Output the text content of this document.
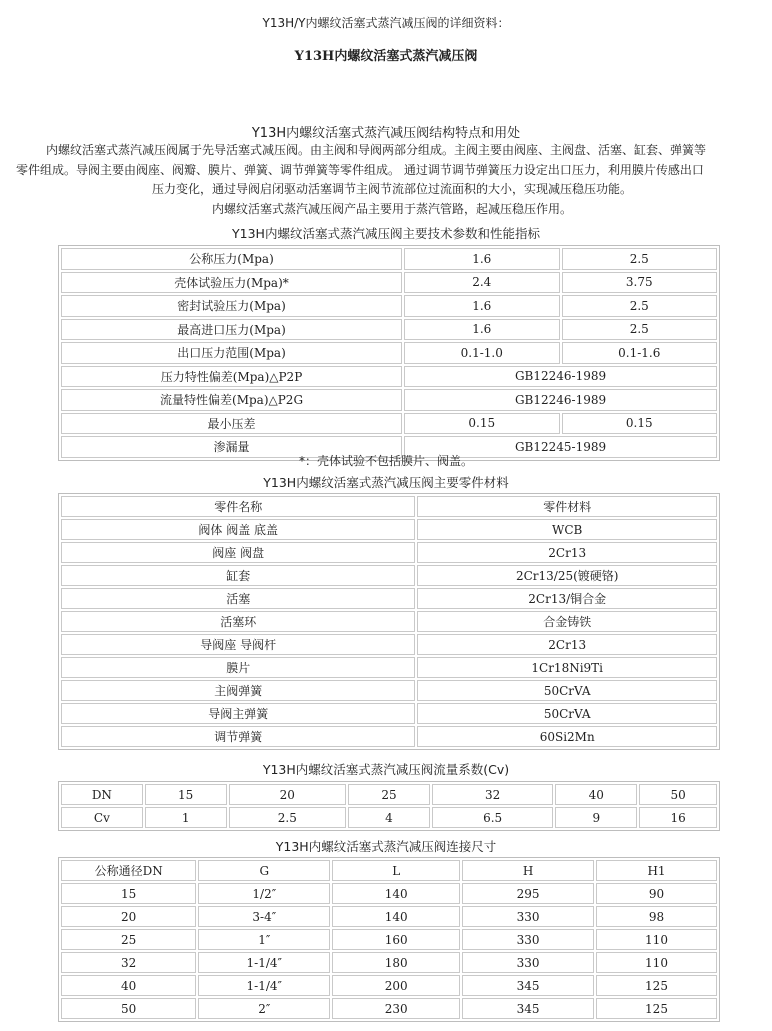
Y13H/Y内螺纹活塞式蒸汽减压阀的详细资料：
Y13H内螺纹活塞式蒸汽减压阀
Y13H内螺纹活塞式蒸汽减压阀结构特点和用处

内螺纹活塞式蒸汽减压阀属于先导活塞式减压阀。由主阀和导阀两部分组成。主阀主要由阀座、主阀盘、活塞、缸套、弹簧等

零件组成。导阀主要由阀座、阀瓣、膜片、弹簧、调节弹簧等零件组成。 通过调节调节弹簧压力设定出口压力，利用膜片传感出口

压力变化，通过导阀启闭驱动活塞调节主阀节流部位过流面积的大小，实现减压稳压功能。

内螺纹活塞式蒸汽减压阀产品主要用于蒸汽管路，起减压稳压作用。

Y13H内螺纹活塞式蒸汽减压阀主要技术参数和性能指标
公称压力(Mpa)	1.6	2.5
壳体试验压力(Mpa)*	2.4	3.75
密封试验压力(Mpa)	1.6	2.5
最高进口压力(Mpa)	1.6	2.5
出口压力范围(Mpa)	0.1-1.0	0.1-1.6
压力特性偏差(Mpa)△P2P	GB12246-1989	
流量特性偏差(Mpa)△P2G	GB12246-1989	
最小压差	0.15	0.15
渗漏量	GB12245-1989	
*：壳体试验不包括膜片、阀盖。
Y13H内螺纹活塞式蒸汽减压阀主要零件材料
零件名称	零件材料
阀体 阀盖 底盖	WCB
阀座 阀盘	2Cr13
缸套	2Cr13/25(镀硬铬)
活塞	2Cr13/铜合金
活塞环	合金铸铁
导阀座 导阀杆	2Cr13
膜片	1Cr18Ni9Ti
主阀弹簧	50CrVA
导阀主弹簧	50CrVA
调节弹簧	60Si2Mn
Y13H内螺纹活塞式蒸汽减压阀流量系数(Cv)
DN	15	20	25	32	40	50
Cv	1	2.5	4	6.5	9	16
Y13H内螺纹活塞式蒸汽减压阀连接尺寸
公称通径DN	G	L	H	H1
15	1/2″	140	295	90
20	3-4″	140	330	98
25	1″	160	330	110
32	1-1/4″	180	330	110
40	1-1/4″	200	345	125
50	2″	230	345	125
